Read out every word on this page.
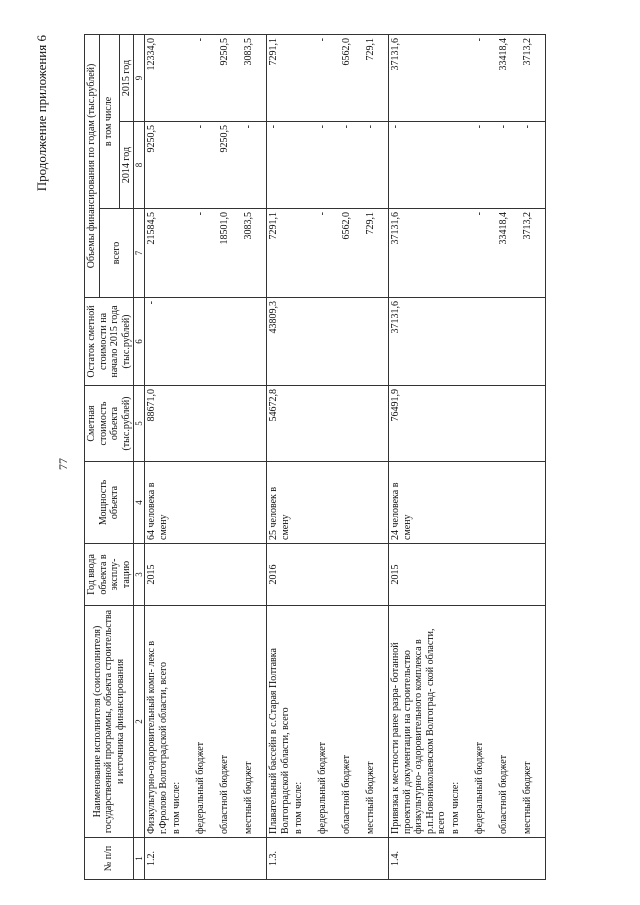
Продолжение приложения 6
77
№ п/п	Наименование исполнителя (соисполнителя) государственной программы, объекта строительства и источника финансирования	Год ввода объекта в эксплу- тацию	Мощность объекта	Сметная стоимость объекта (тыс.рублей)	Остаток сметной стоимости на начало 2015 года (тыс.рублей)	Объемы финансирования по годам (тыс.рублей)		
						всего	в том числе	
							2014 год	2015 год
1	2	3	4	5	6	7	8	9
1.2.	Физкультурно-оздоровительный комп- лекс в г.Фролово Волгоградской области, всего	2015	64 человека в смену	88671,0	-	21584,5	9250,5	12334,0
	в том числе:							
	федеральный бюджет					-	-	-
	областной бюджет					18501,0	9250,5	9250,5
	местный бюджет					3083,5	-	3083,5
1.3.	Плавательный бассейн в с.Старая Полтавка Волгоградской области, всего	2016	25 человек в смену	54672,8	43809,3	7291,1	-	7291,1
	в том числе:							
	федеральный бюджет					-	-	-
	областной бюджет					6562,0	-	6562,0
	местный бюджет					729,1	-	729,1
1.4.	Привязка к местности ранее разра- ботанной проектной документации на строительство физкультурно- оздоровительного комплекса в р.п.Новониколаевском Волгоград- ской области, всего	2015	24 человека в смену	76491,9	37131,6	37131,6	-	37131,6
	в том числе:							
	федеральный бюджет					-	-	-
	областной бюджет					33418,4	-	33418,4
	местный бюджет					3713,2	-	3713,2
